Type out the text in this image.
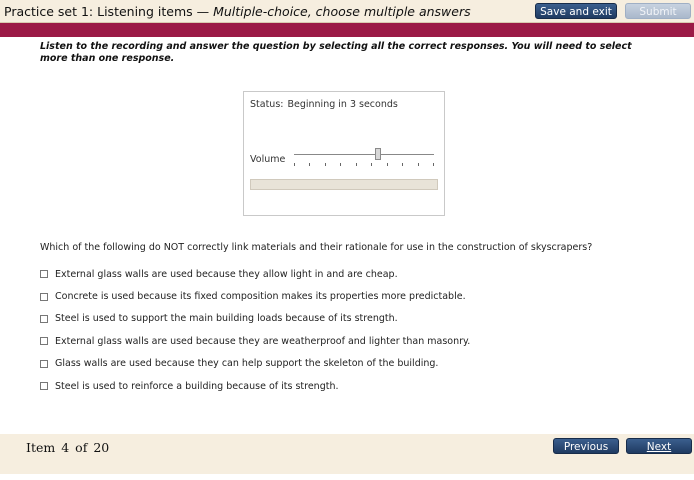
Practice set 1: Listening items — Multiple-choice, choose multiple answers	Save and exit	Submit
Listen to the recording and answer the question by selecting all the correct responses. You will need to select more than one response.
Status: Beginning in 3 seconds
Volume
Which of the following do NOT correctly link materials and their rationale for use in the construction of skyscrapers?
External glass walls are used because they allow light in and are cheap.
Concrete is used because its fixed composition makes its properties more predictable.
Steel is used to support the main building loads because of its strength.
External glass walls are used because they are weatherproof and lighter than masonry.
Glass walls are used because they can help support the skeleton of the building.
Steel is used to reinforce a building because of its strength.
Item 4 of 20	Previous	Next
